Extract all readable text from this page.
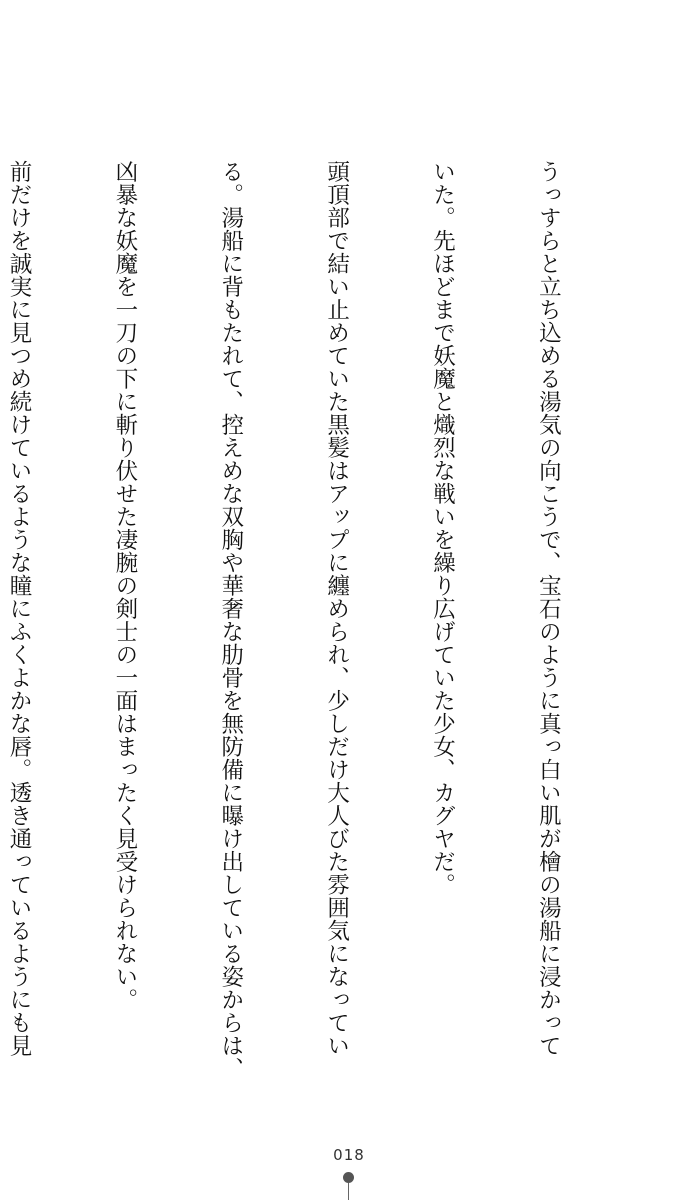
うっすらと立ち込める湯気の向こうで、宝石のように真っ白い肌が檜の湯船に浸かって

いた。先ほどまで妖魔と熾烈な戦いを繰り広げていた少女、カグヤだ。

頭頂部で結い止めていた黒髪はアップに纏められ、少しだけ大人びた雰囲気になってい

る。湯船に背もたれて、控えめな双胸や華奢な肋骨を無防備に曝け出している姿からは、

凶暴な妖魔を一刀の下に斬り伏せた凄腕の剣士の一面はまったく見受けられない。

前だけを誠実に見つめ続けているような瞳にふくよかな唇。透き通っているようにも見

018
